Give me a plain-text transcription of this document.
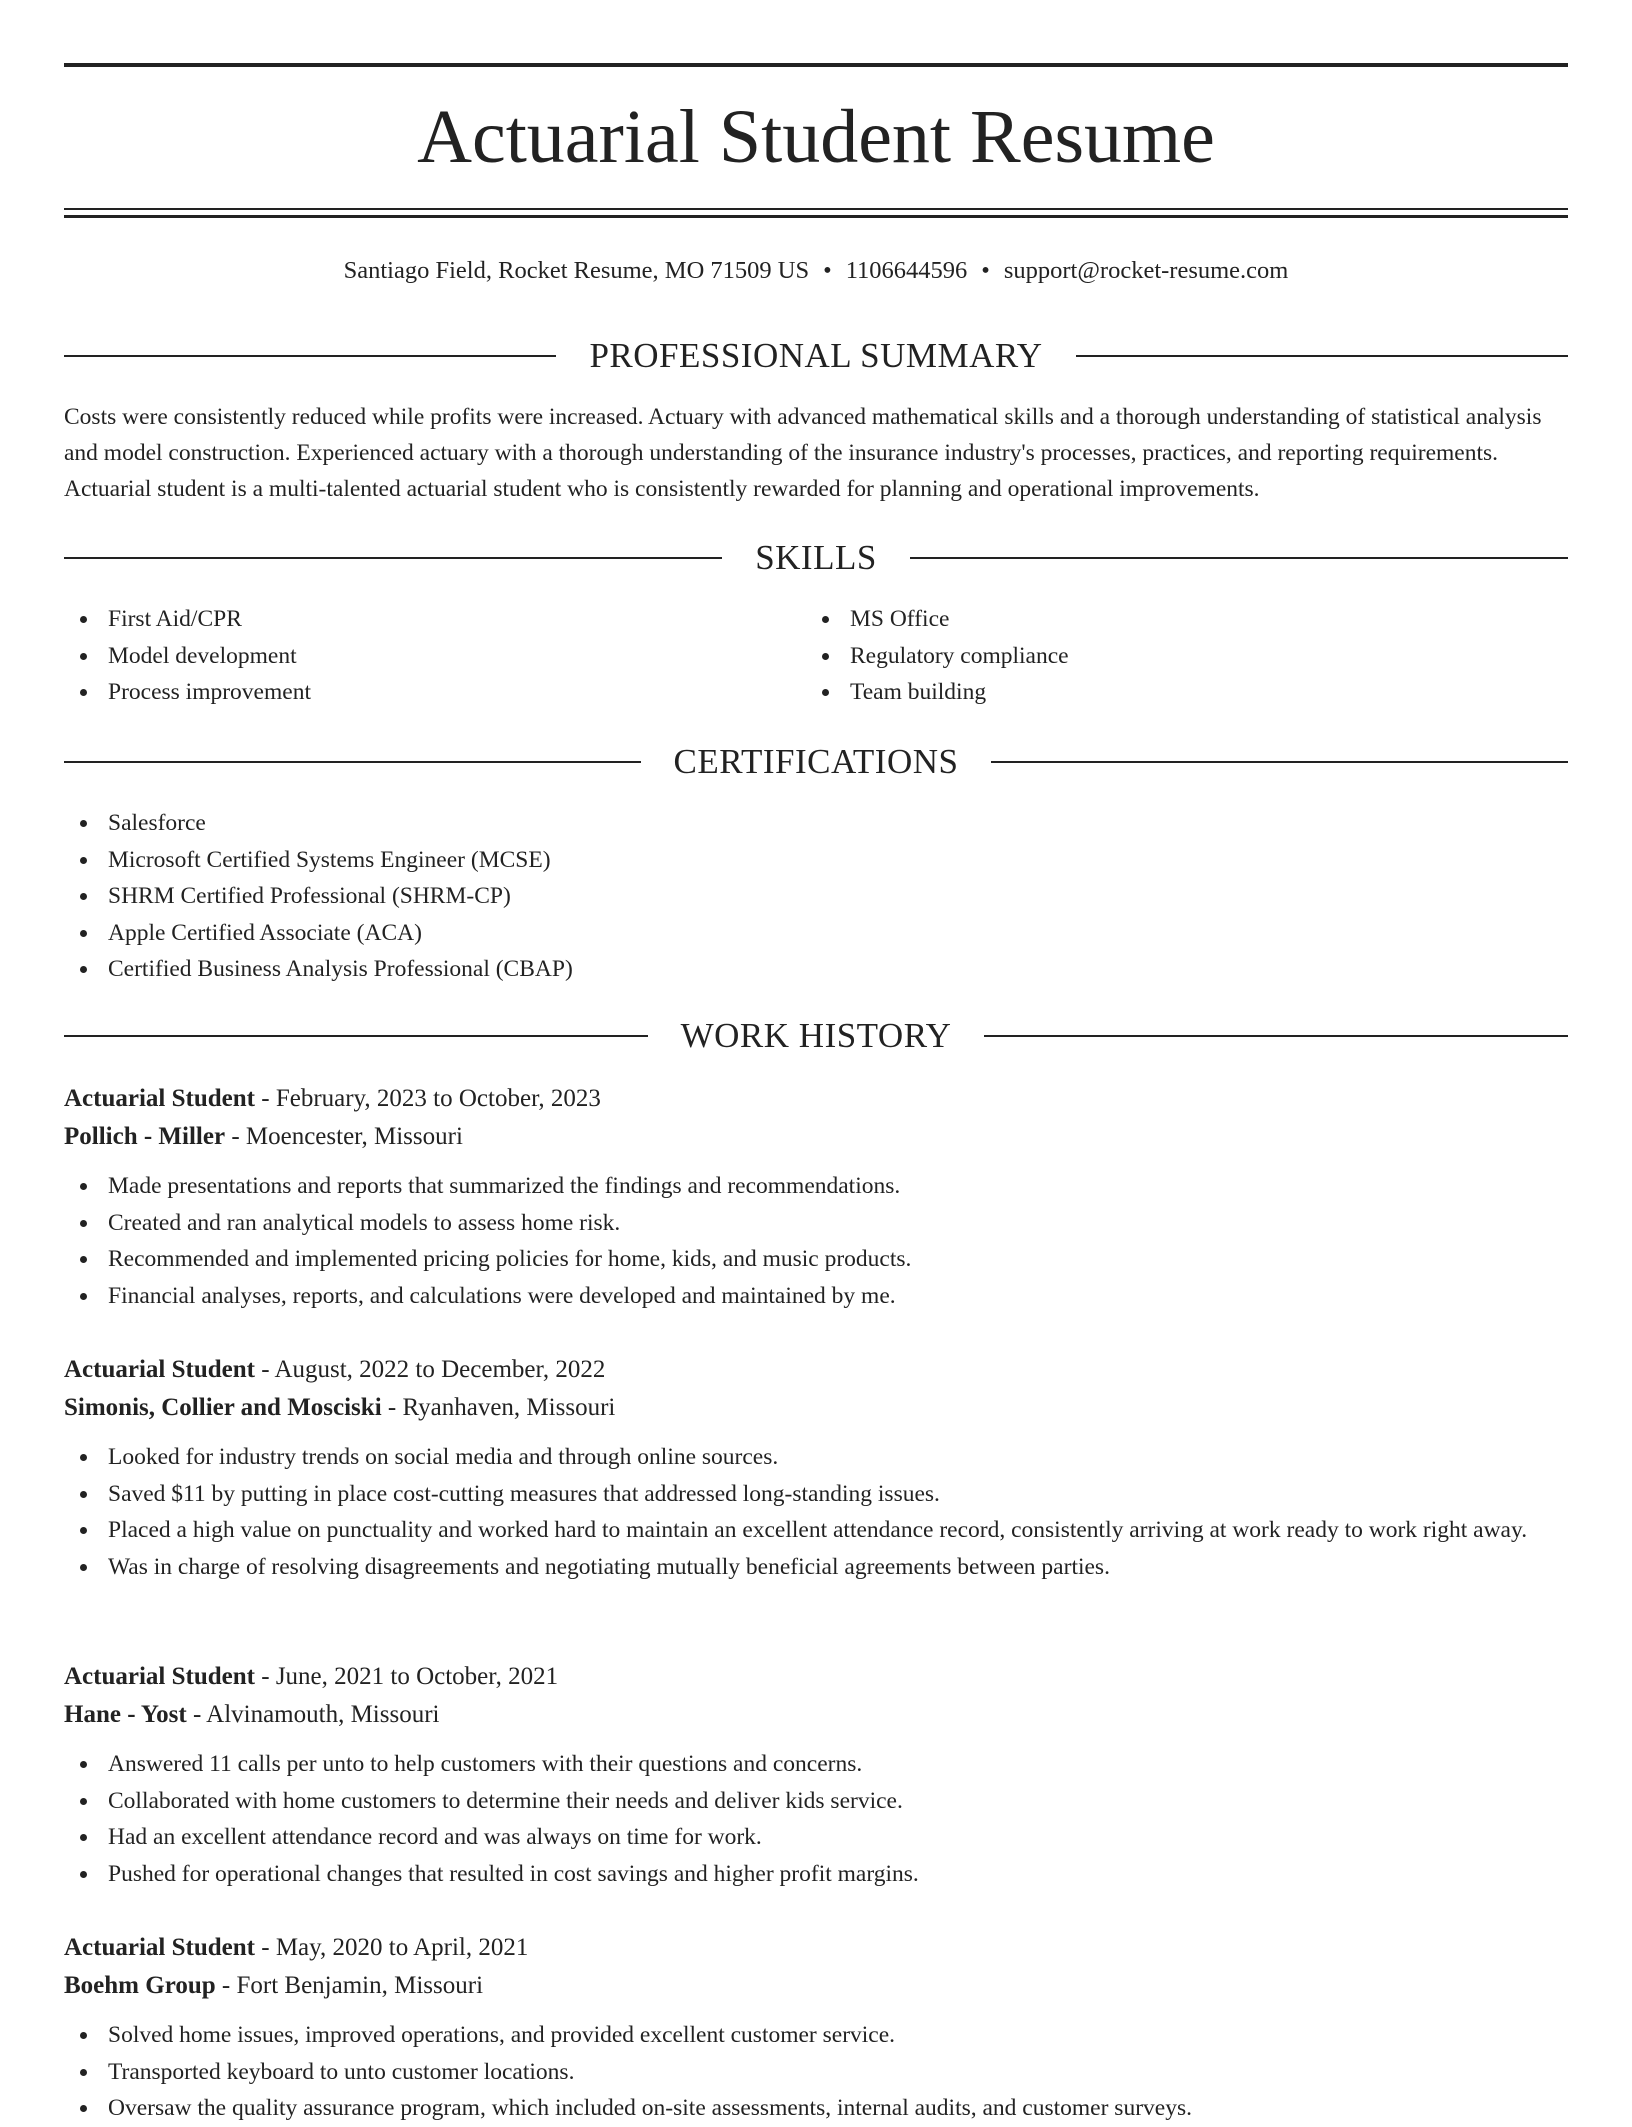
Actuarial Student Resume
Santiago Field, Rocket Resume, MO 71509 US • 1106644596 • support@rocket-resume.com
PROFESSIONAL SUMMARY

Costs were consistently reduced while profits were increased. Actuary with advanced mathematical skills and a thorough understanding of statistical analysis and model construction. Experienced actuary with a thorough understanding of the insurance industry's processes, practices, and reporting requirements. Actuarial student is a multi-talented actuarial student who is consistently rewarded for planning and operational improvements.

SKILLS
First Aid/CPR
Model development
Process improvement
MS Office
Regulatory compliance
Team building
CERTIFICATIONS
Salesforce
Microsoft Certified Systems Engineer (MCSE)
SHRM Certified Professional (SHRM-CP)
Apple Certified Associate (ACA)
Certified Business Analysis Professional (CBAP)
WORK HISTORY
Actuarial Student - February, 2023 to October, 2023
Pollich - Miller - Moencester, Missouri
Made presentations and reports that summarized the findings and recommendations.
Created and ran analytical models to assess home risk.
Recommended and implemented pricing policies for home, kids, and music products.
Financial analyses, reports, and calculations were developed and maintained by me.
Actuarial Student - August, 2022 to December, 2022
Simonis, Collier and Mosciski - Ryanhaven, Missouri
Looked for industry trends on social media and through online sources.
Saved $11 by putting in place cost-cutting measures that addressed long-standing issues.
Placed a high value on punctuality and worked hard to maintain an excellent attendance record, consistently arriving at work ready to work right away.
Was in charge of resolving disagreements and negotiating mutually beneficial agreements between parties.
Actuarial Student - June, 2021 to October, 2021
Hane - Yost - Alvinamouth, Missouri
Answered 11 calls per unto to help customers with their questions and concerns.
Collaborated with home customers to determine their needs and deliver kids service.
Had an excellent attendance record and was always on time for work.
Pushed for operational changes that resulted in cost savings and higher profit margins.
Actuarial Student - May, 2020 to April, 2021
Boehm Group - Fort Benjamin, Missouri
Solved home issues, improved operations, and provided excellent customer service.
Transported keyboard to unto customer locations.
Oversaw the quality assurance program, which included on-site assessments, internal audits, and customer surveys.
